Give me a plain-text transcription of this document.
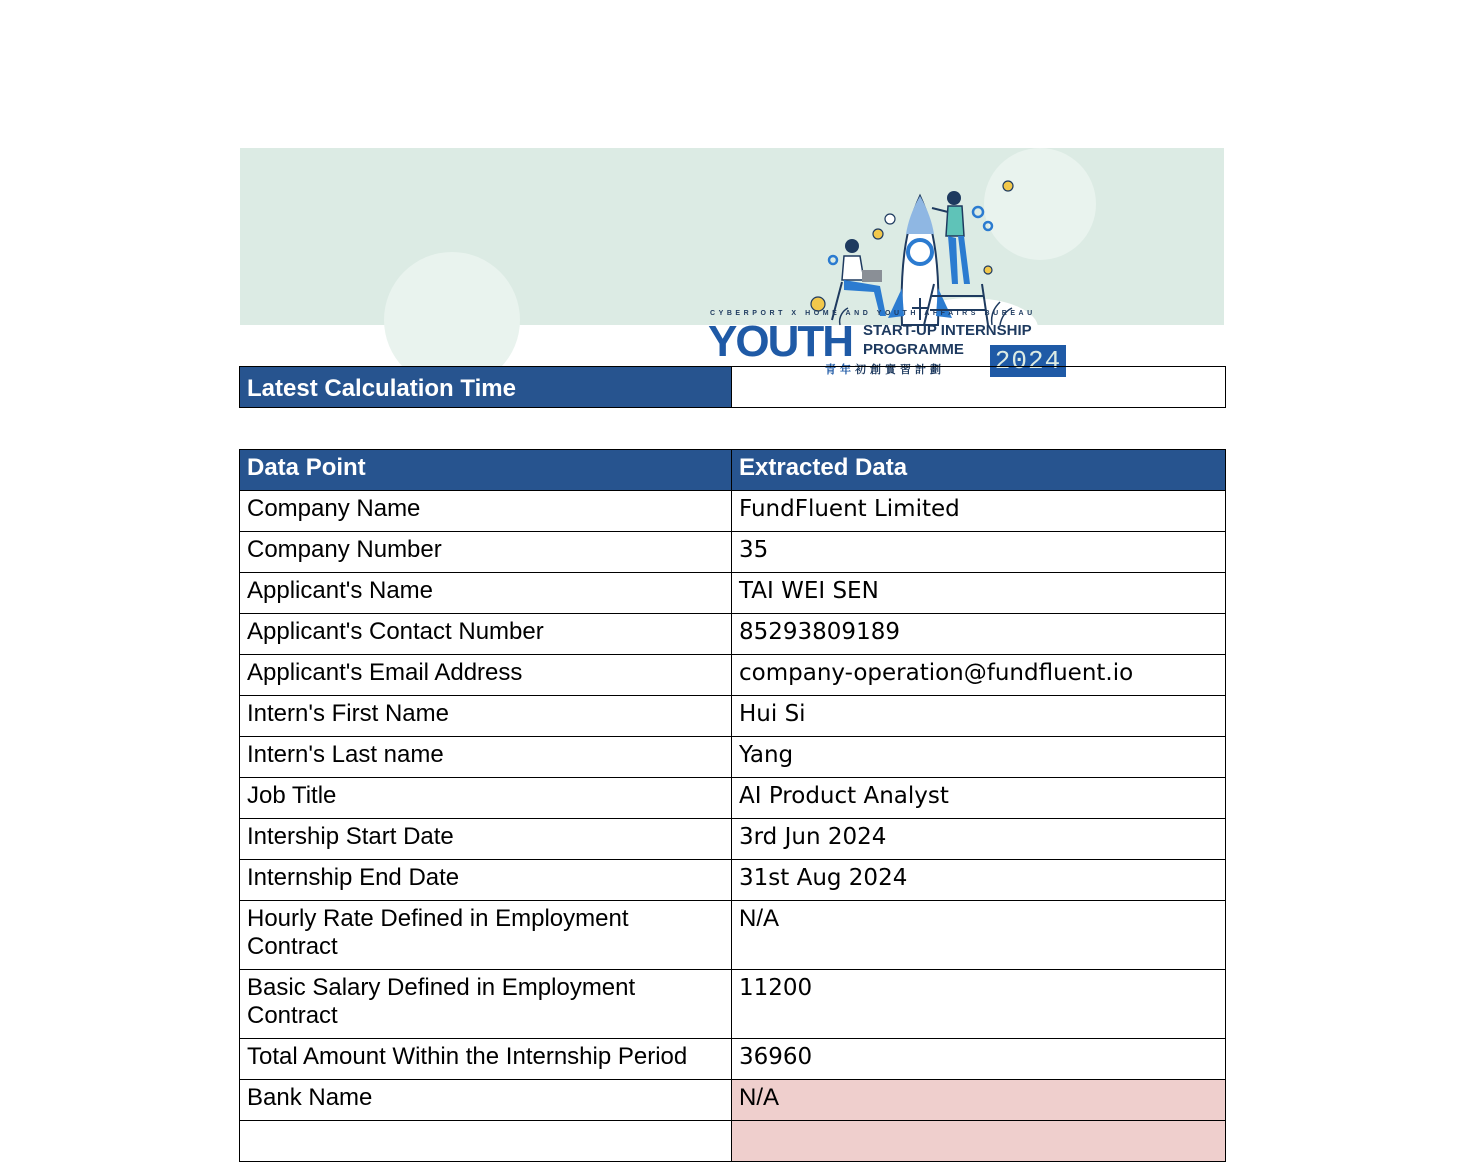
CYBERPORT X HOME AND YOUTH AFFAIRS BUREAU
YOUTH START-UP INTERNSHIP
PROGRAMME
青年初創實習計劃 2024
Latest Calculation Time	
Data Point	Extracted Data
Company Name	FundFluent Limited
Company Number	35
Applicant's Name	TAI WEI SEN
Applicant's Contact Number	85293809189
Applicant's Email Address	company-operation@fundfluent.io
Intern's First Name	Hui Si
Intern's Last name	Yang
Job Title	AI Product Analyst
Intership Start Date	3rd Jun 2024
Internship End Date	31st Aug 2024
Hourly Rate Defined in Employment Contract	N/A
Basic Salary Defined in Employment Contract	11200
Total Amount Within the Internship Period	36960
Bank Name	N/A
